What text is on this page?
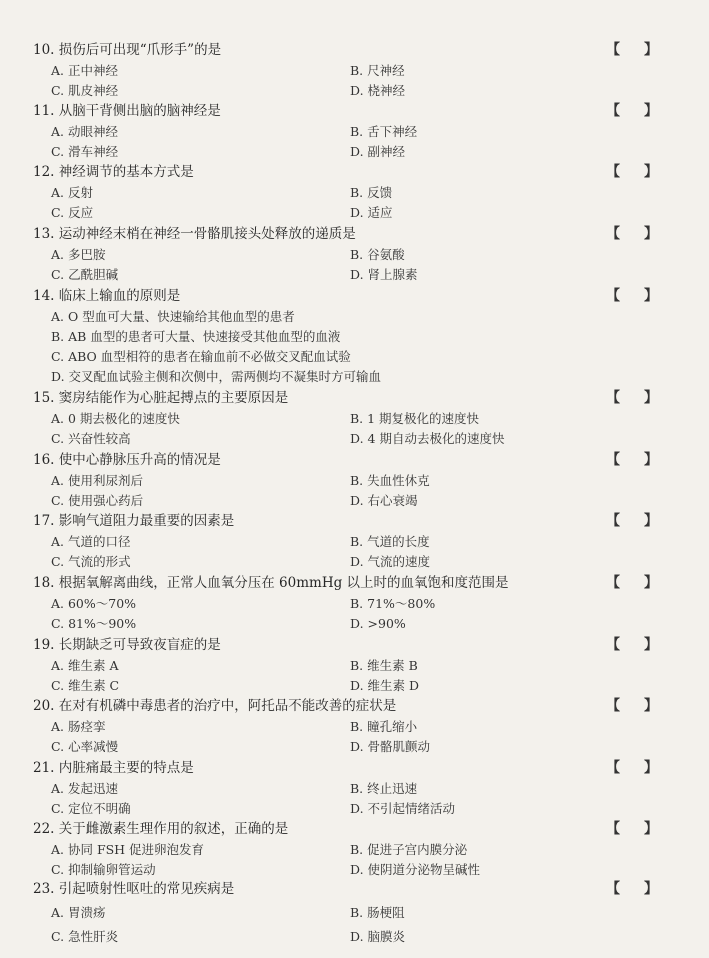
10. 损伤后可出现“爪形手”的是	【 】
A. 正中神经	B. 尺神经
C. 肌皮神经	D. 桡神经
11. 从脑干背侧出脑的脑神经是	【 】
A. 动眼神经	B. 舌下神经
C. 滑车神经	D. 副神经
12. 神经调节的基本方式是	【 】
A. 反射	B. 反馈
C. 反应	D. 适应
13. 运动神经末梢在神经一骨骼肌接头处释放的递质是	【 】
A. 多巴胺	B. 谷氨酸
C. 乙酰胆碱	D. 肾上腺素
14. 临床上输血的原则是	【 】
A. O 型血可大量、快速输给其他血型的患者
B. AB 血型的患者可大量、快速接受其他血型的血液
C. ABO 血型相符的患者在输血前不必做交叉配血试验
D. 交叉配血试验主侧和次侧中，需两侧均不凝集时方可输血
15. 窦房结能作为心脏起搏点的主要原因是	【 】
A. 0 期去极化的速度快	B. 1 期复极化的速度快
C. 兴奋性较高	D. 4 期自动去极化的速度快
16. 使中心静脉压升高的情况是	【 】
A. 使用利尿剂后	B. 失血性休克
C. 使用强心药后	D. 右心衰竭
17. 影响气道阻力最重要的因素是	【 】
A. 气道的口径	B. 气道的长度
C. 气流的形式	D. 气流的速度
18. 根据氧解离曲线，正常人血氧分压在 60mmHg 以上时的血氧饱和度范围是	【 】
A. 60%～70%	B. 71%～80%
C. 81%～90%	D. >90%
19. 长期缺乏可导致夜盲症的是	【 】
A. 维生素 A	B. 维生素 B
C. 维生素 C	D. 维生素 D
20. 在对有机磷中毒患者的治疗中，阿托品不能改善的症状是	【 】
A. 肠痉挛	B. 瞳孔缩小
C. 心率减慢	D. 骨骼肌颤动
21. 内脏痛最主要的特点是	【 】
A. 发起迅速	B. 终止迅速
C. 定位不明确	D. 不引起情绪活动
22. 关于雌激素生理作用的叙述，正确的是	【 】
A. 协同 FSH 促进卵泡发育	B. 促进子宫内膜分泌
C. 抑制输卵管运动	D. 使阴道分泌物呈碱性
23. 引起喷射性呕吐的常见疾病是	【 】
A. 胃溃疡	B. 肠梗阻
C. 急性肝炎	D. 脑膜炎
